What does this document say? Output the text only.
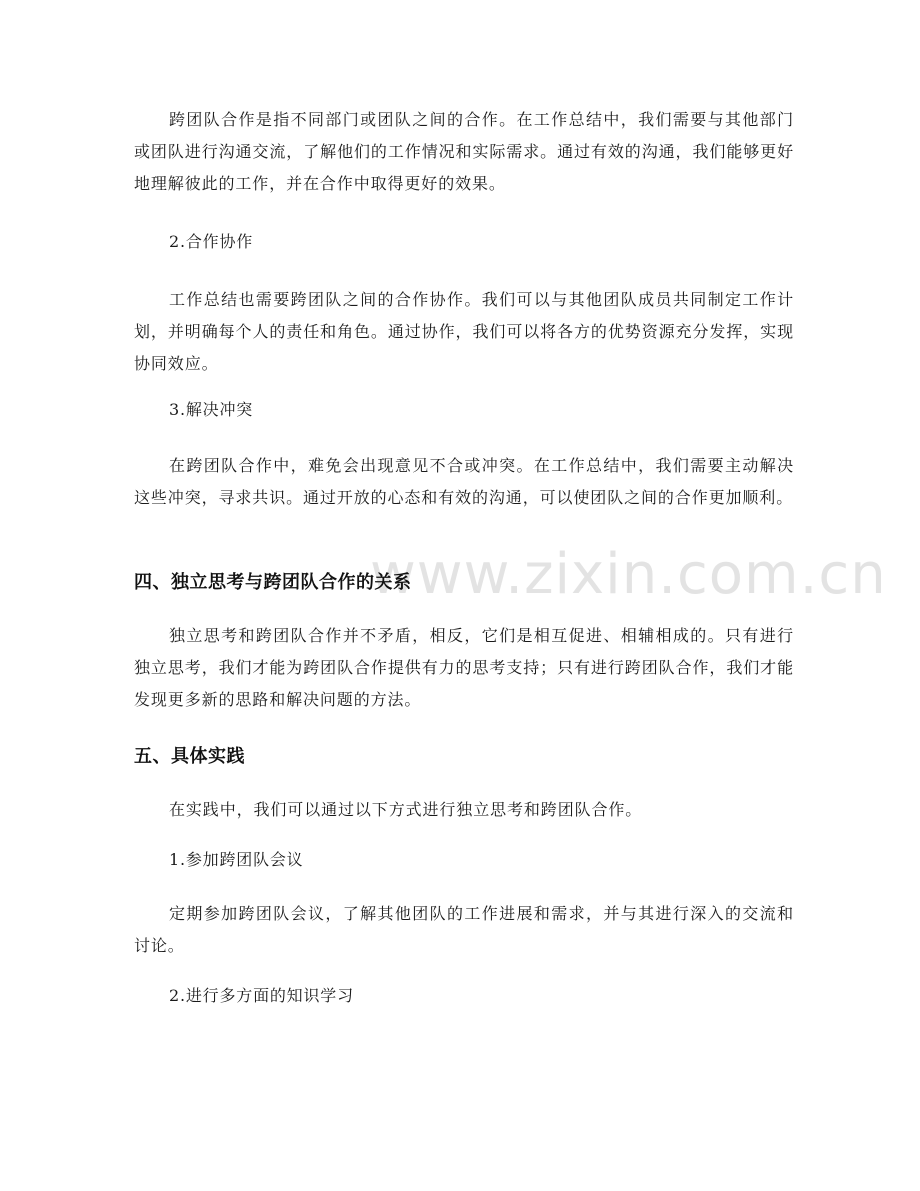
www.zixin.com.cn

跨团队合作是指不同部门或团队之间的合作。在工作总结中，我们需要与其他部门或团队进行沟通交流，了解他们的工作情况和实际需求。通过有效的沟通，我们能够更好地理解彼此的工作，并在合作中取得更好的效果。

2.合作协作

工作总结也需要跨团队之间的合作协作。我们可以与其他团队成员共同制定工作计划，并明确每个人的责任和角色。通过协作，我们可以将各方的优势资源充分发挥，实现协同效应。

3.解决冲突

在跨团队合作中，难免会出现意见不合或冲突。在工作总结中，我们需要主动解决这些冲突，寻求共识。通过开放的心态和有效的沟通，可以使团队之间的合作更加顺利。

四、独立思考与跨团队合作的关系

独立思考和跨团队合作并不矛盾，相反，它们是相互促进、相辅相成的。只有进行独立思考，我们才能为跨团队合作提供有力的思考支持；只有进行跨团队合作，我们才能发现更多新的思路和解决问题的方法。

五、具体实践

在实践中，我们可以通过以下方式进行独立思考和跨团队合作。

1.参加跨团队会议

定期参加跨团队会议，了解其他团队的工作进展和需求，并与其进行深入的交流和讨论。

2.进行多方面的知识学习
